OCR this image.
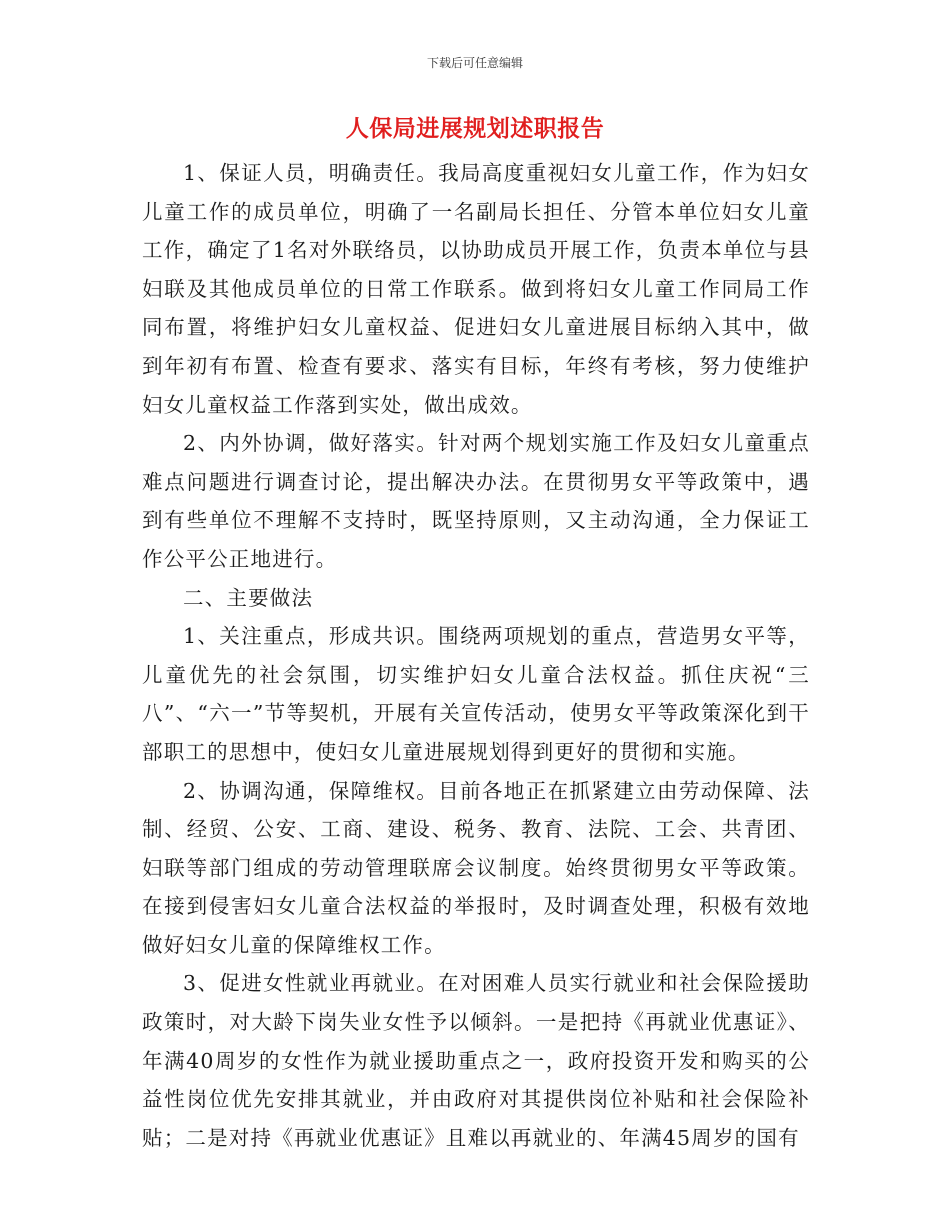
下载后可任意编辑
人保局进展规划述职报告

1、保证人员，明确责任。我局高度重视妇女儿童工作，作为妇女儿童工作的成员单位，明确了一名副局长担任、分管本单位妇女儿童工作，确定了1名对外联络员，以协助成员开展工作，负责本单位与县妇联及其他成员单位的日常工作联系。做到将妇女儿童工作同局工作同布置，将维护妇女儿童权益、促进妇女儿童进展目标纳入其中，做到年初有布置、检查有要求、落实有目标，年终有考核，努力使维护妇女儿童权益工作落到实处，做出成效。

2、内外协调，做好落实。针对两个规划实施工作及妇女儿童重点难点问题进行调查讨论，提出解决办法。在贯彻男女平等政策中，遇到有些单位不理解不支持时，既坚持原则，又主动沟通，全力保证工作公平公正地进行。

二、主要做法

1、关注重点，形成共识。围绕两项规划的重点，营造男女平等，儿童优先的社会氛围，切实维护妇女儿童合法权益。抓住庆祝“三八”、“六一”节等契机，开展有关宣传活动，使男女平等政策深化到干部职工的思想中，使妇女儿童进展规划得到更好的贯彻和实施。

2、协调沟通，保障维权。目前各地正在抓紧建立由劳动保障、法制、经贸、公安、工商、建设、税务、教育、法院、工会、共青团、妇联等部门组成的劳动管理联席会议制度。始终贯彻男女平等政策。在接到侵害妇女儿童合法权益的举报时，及时调查处理，积极有效地做好妇女儿童的保障维权工作。

3、促进女性就业再就业。在对困难人员实行就业和社会保险援助政策时，对大龄下岗失业女性予以倾斜。一是把持《再就业优惠证》、年满40周岁的女性作为就业援助重点之一，政府投资开发和购买的公益性岗位优先安排其就业，并由政府对其提供岗位补贴和社会保险补贴；二是对持《再就业优惠证》且难以再就业的、年满45周岁的国有
